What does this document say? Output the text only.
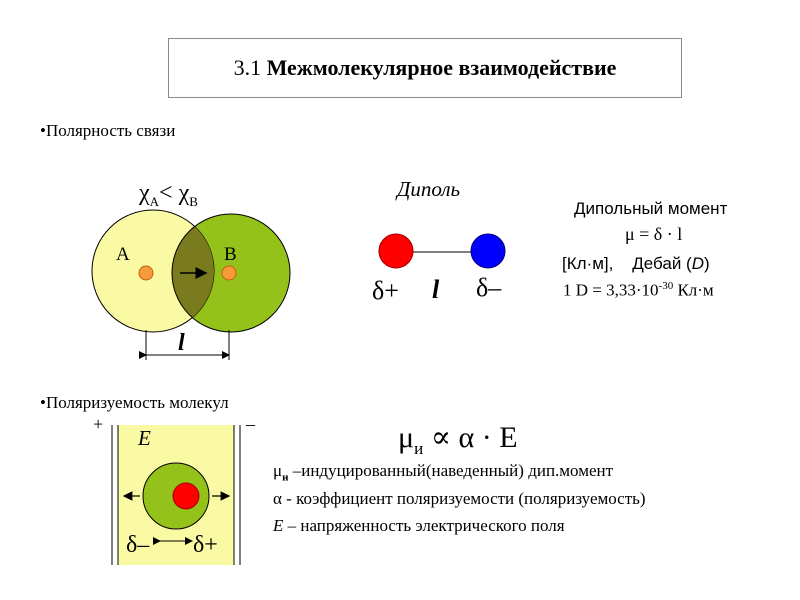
3.1
Межмолекулярное взаимодействие
•Полярность связи
•Поляризуемость молекул
$\chi_A< \chi_B$
A	B
l
Диполь
δ+ l δ–
Дипольный момент
μ = δ · l
[Кл·м], Дебай (D)
1 $D = 3,33\cdot 10^{-30}$ Кл·м
+	–
E
δ– δ+
$\mu_и \propto \alpha \cdot E$
$\mu_и$ –индуцированный(наведенный) дип.момент
α - коэффициент поляризуемости (поляризуемость)
E – напряженность электрического поля
